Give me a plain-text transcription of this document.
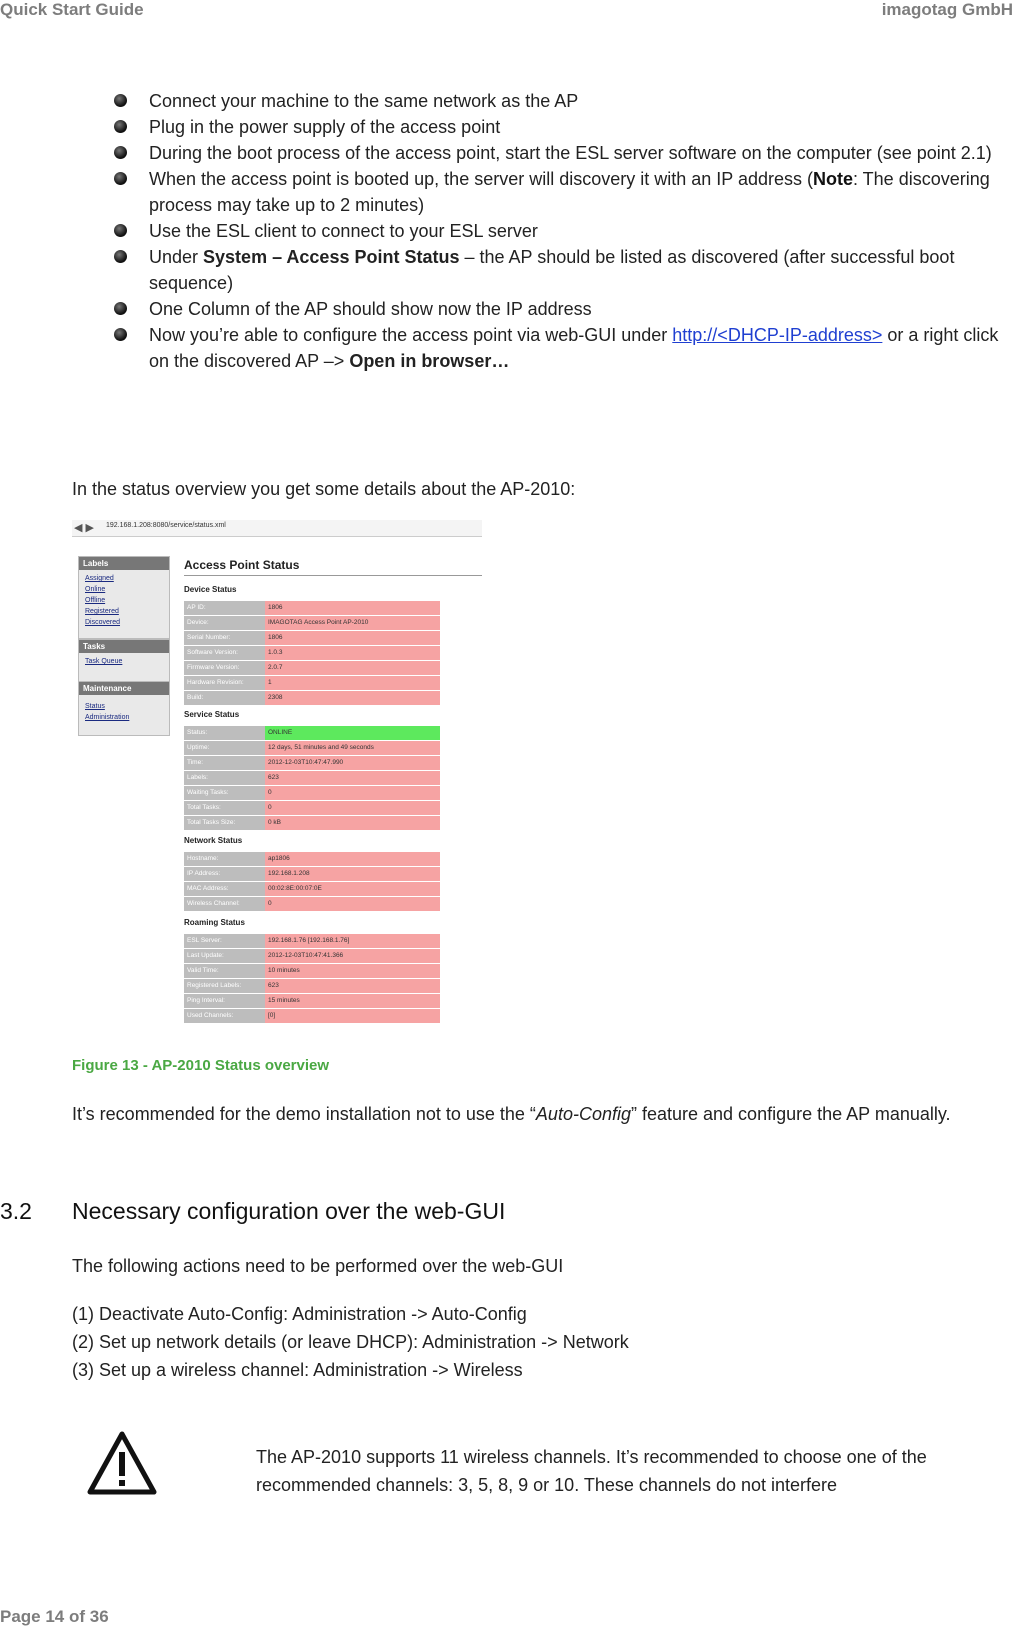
Quick Start Guide	imagotag GmbH
Connect your machine to the same network as the AP
Plug in the power supply of the access point
During the boot process of the access point, start the ESL server software on the computer (see point 2.1)
When the access point is booted up, the server will discovery it with an IP address (Note: The discovering process may take up to 2 minutes)
Use the ESL client to connect to your ESL server
Under System – Access Point Status – the AP should be listed as discovered (after successful boot sequence)
One Column of the AP should show now the IP address
Now you’re able to configure the access point via web-GUI under http://<DHCP-IP-address> or a right click on the discovered AP –> Open in browser…
In the status overview you get some details about the AP-2010:
◀ ▶ 192.168.1.208:8080/service/status.xml
Labels
Assigned
Online
Offline
Registered
Discovered
Tasks
Task Queue
Maintenance
Status
Administration
Access Point Status
Device Status
AP ID:	1806
Device:	IMAGOTAG Access Point AP-2010
Serial Number:	1806
Software Version:	1.0.3
Firmware Version:	2.0.7
Hardware Revision:	1
Build:	2308
Service Status
Status:	ONLINE
Uptime:	12 days, 51 minutes and 49 seconds
Time:	2012-12-03T10:47:47.990
Labels:	623
Waiting Tasks:	0
Total Tasks:	0
Total Tasks Size:	0 kB
Network Status
Hostname:	ap1806
IP Address:	192.168.1.208
MAC Address:	00:02:8E:00:07:0E
Wireless Channel:	0
Roaming Status
ESL Server:	192.168.1.76 [192.168.1.76]
Last Update:	2012-12-03T10:47:41.366
Valid Time:	10 minutes
Registered Labels:	623
Ping Interval:	15 minutes
Used Channels:	[0]
Figure 13 - AP-2010 Status overview
It’s recommended for the demo installation not to use the “Auto-Config” feature and configure the AP manually.
3.2 Necessary configuration over the web-GUI
The following actions need to be performed over the web-GUI
(1) Deactivate Auto-Config: Administration -> Auto-Config
(2) Set up network details (or leave DHCP): Administration -> Network
(3) Set up a wireless channel: Administration -> Wireless
The AP-2010 supports 11 wireless channels. It’s recommended to choose one of the recommended channels: 3, 5, 8, 9 or 10. These channels do not interfere
Page 14 of 36
